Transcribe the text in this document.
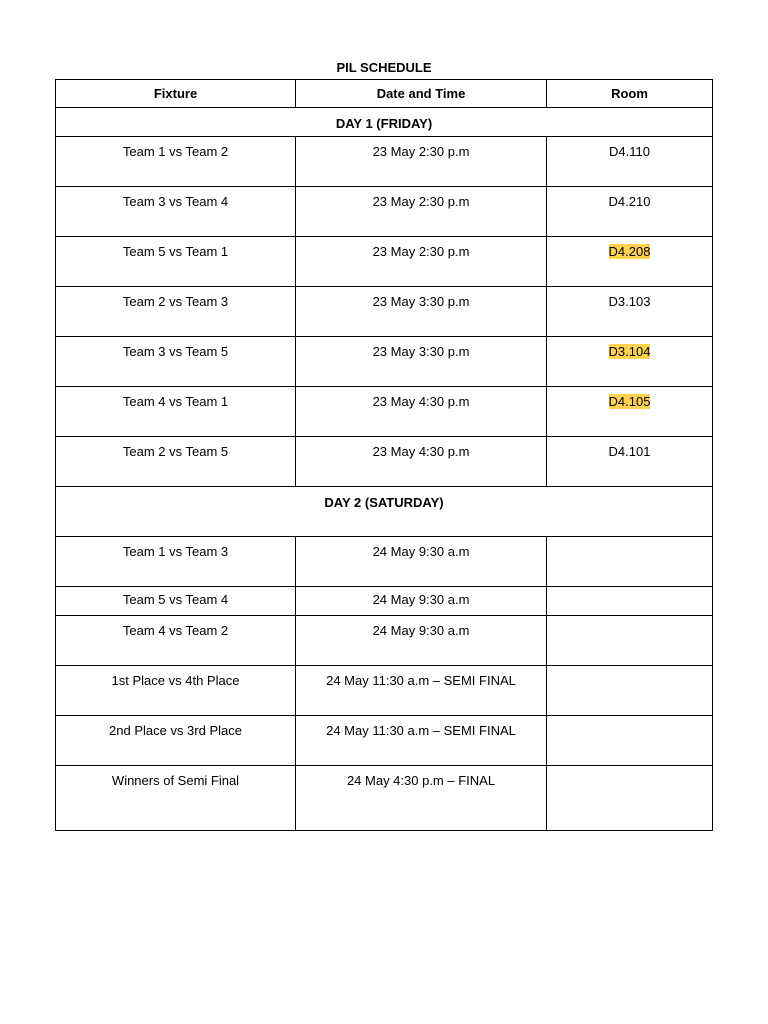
PIL SCHEDULE
Fixture	Date and Time	Room
DAY 1 (FRIDAY)		
Team 1 vs Team 2	23 May 2:30 p.m	D4.110
Team 3 vs Team 4	23 May 2:30 p.m	D4.210
Team 5 vs Team 1	23 May 2:30 p.m	D4.208
Team 2 vs Team 3	23 May 3:30 p.m	D3.103
Team 3 vs Team 5	23 May 3:30 p.m	D3.104
Team 4 vs Team 1	23 May 4:30 p.m	D4.105
Team 2 vs Team 5	23 May 4:30 p.m	D4.101
DAY 2 (SATURDAY)		
Team 1 vs Team 3	24 May 9:30 a.m	
Team 5 vs Team 4	24 May 9:30 a.m	
Team 4 vs Team 2	24 May 9:30 a.m	
1st Place vs 4th Place	24 May 11:30 a.m – SEMI FINAL	
2nd Place vs 3rd Place	24 May 11:30 a.m – SEMI FINAL	
Winners of Semi Final	24 May 4:30 p.m – FINAL	
